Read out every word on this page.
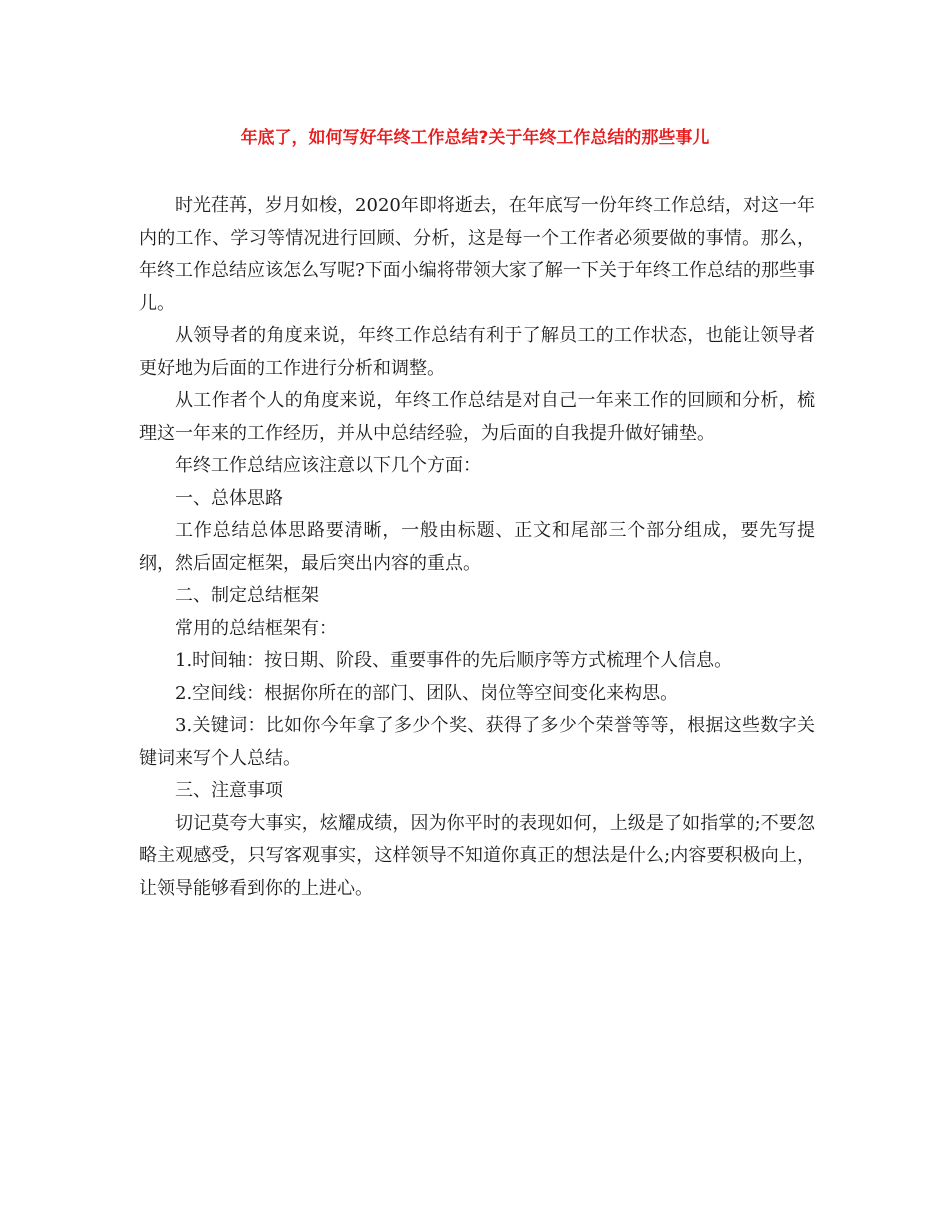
年底了，如何写好年终工作总结?关于年终工作总结的那些事儿

时光荏苒，岁月如梭，2020年即将逝去，在年底写一份年终工作总结，对这一年内的工作、学习等情况进行回顾、分析，这是每一个工作者必须要做的事情。那么，年终工作总结应该怎么写呢?下面小编将带领大家了解一下关于年终工作总结的那些事儿。

从领导者的角度来说，年终工作总结有利于了解员工的工作状态，也能让领导者更好地为后面的工作进行分析和调整。

从工作者个人的角度来说，年终工作总结是对自己一年来工作的回顾和分析，梳理这一年来的工作经历，并从中总结经验，为后面的自我提升做好铺垫。

年终工作总结应该注意以下几个方面：

一、总体思路

工作总结总体思路要清晰，一般由标题、正文和尾部三个部分组成，要先写提纲，然后固定框架，最后突出内容的重点。

二、制定总结框架

常用的总结框架有：

1.时间轴：按日期、阶段、重要事件的先后顺序等方式梳理个人信息。

2.空间线：根据你所在的部门、团队、岗位等空间变化来构思。

3.关键词：比如你今年拿了多少个奖、获得了多少个荣誉等等，根据这些数字关键词来写个人总结。

三、注意事项

切记莫夸大事实，炫耀成绩，因为你平时的表现如何，上级是了如指掌的;不要忽略主观感受，只写客观事实，这样领导不知道你真正的想法是什么;内容要积极向上，让领导能够看到你的上进心。
